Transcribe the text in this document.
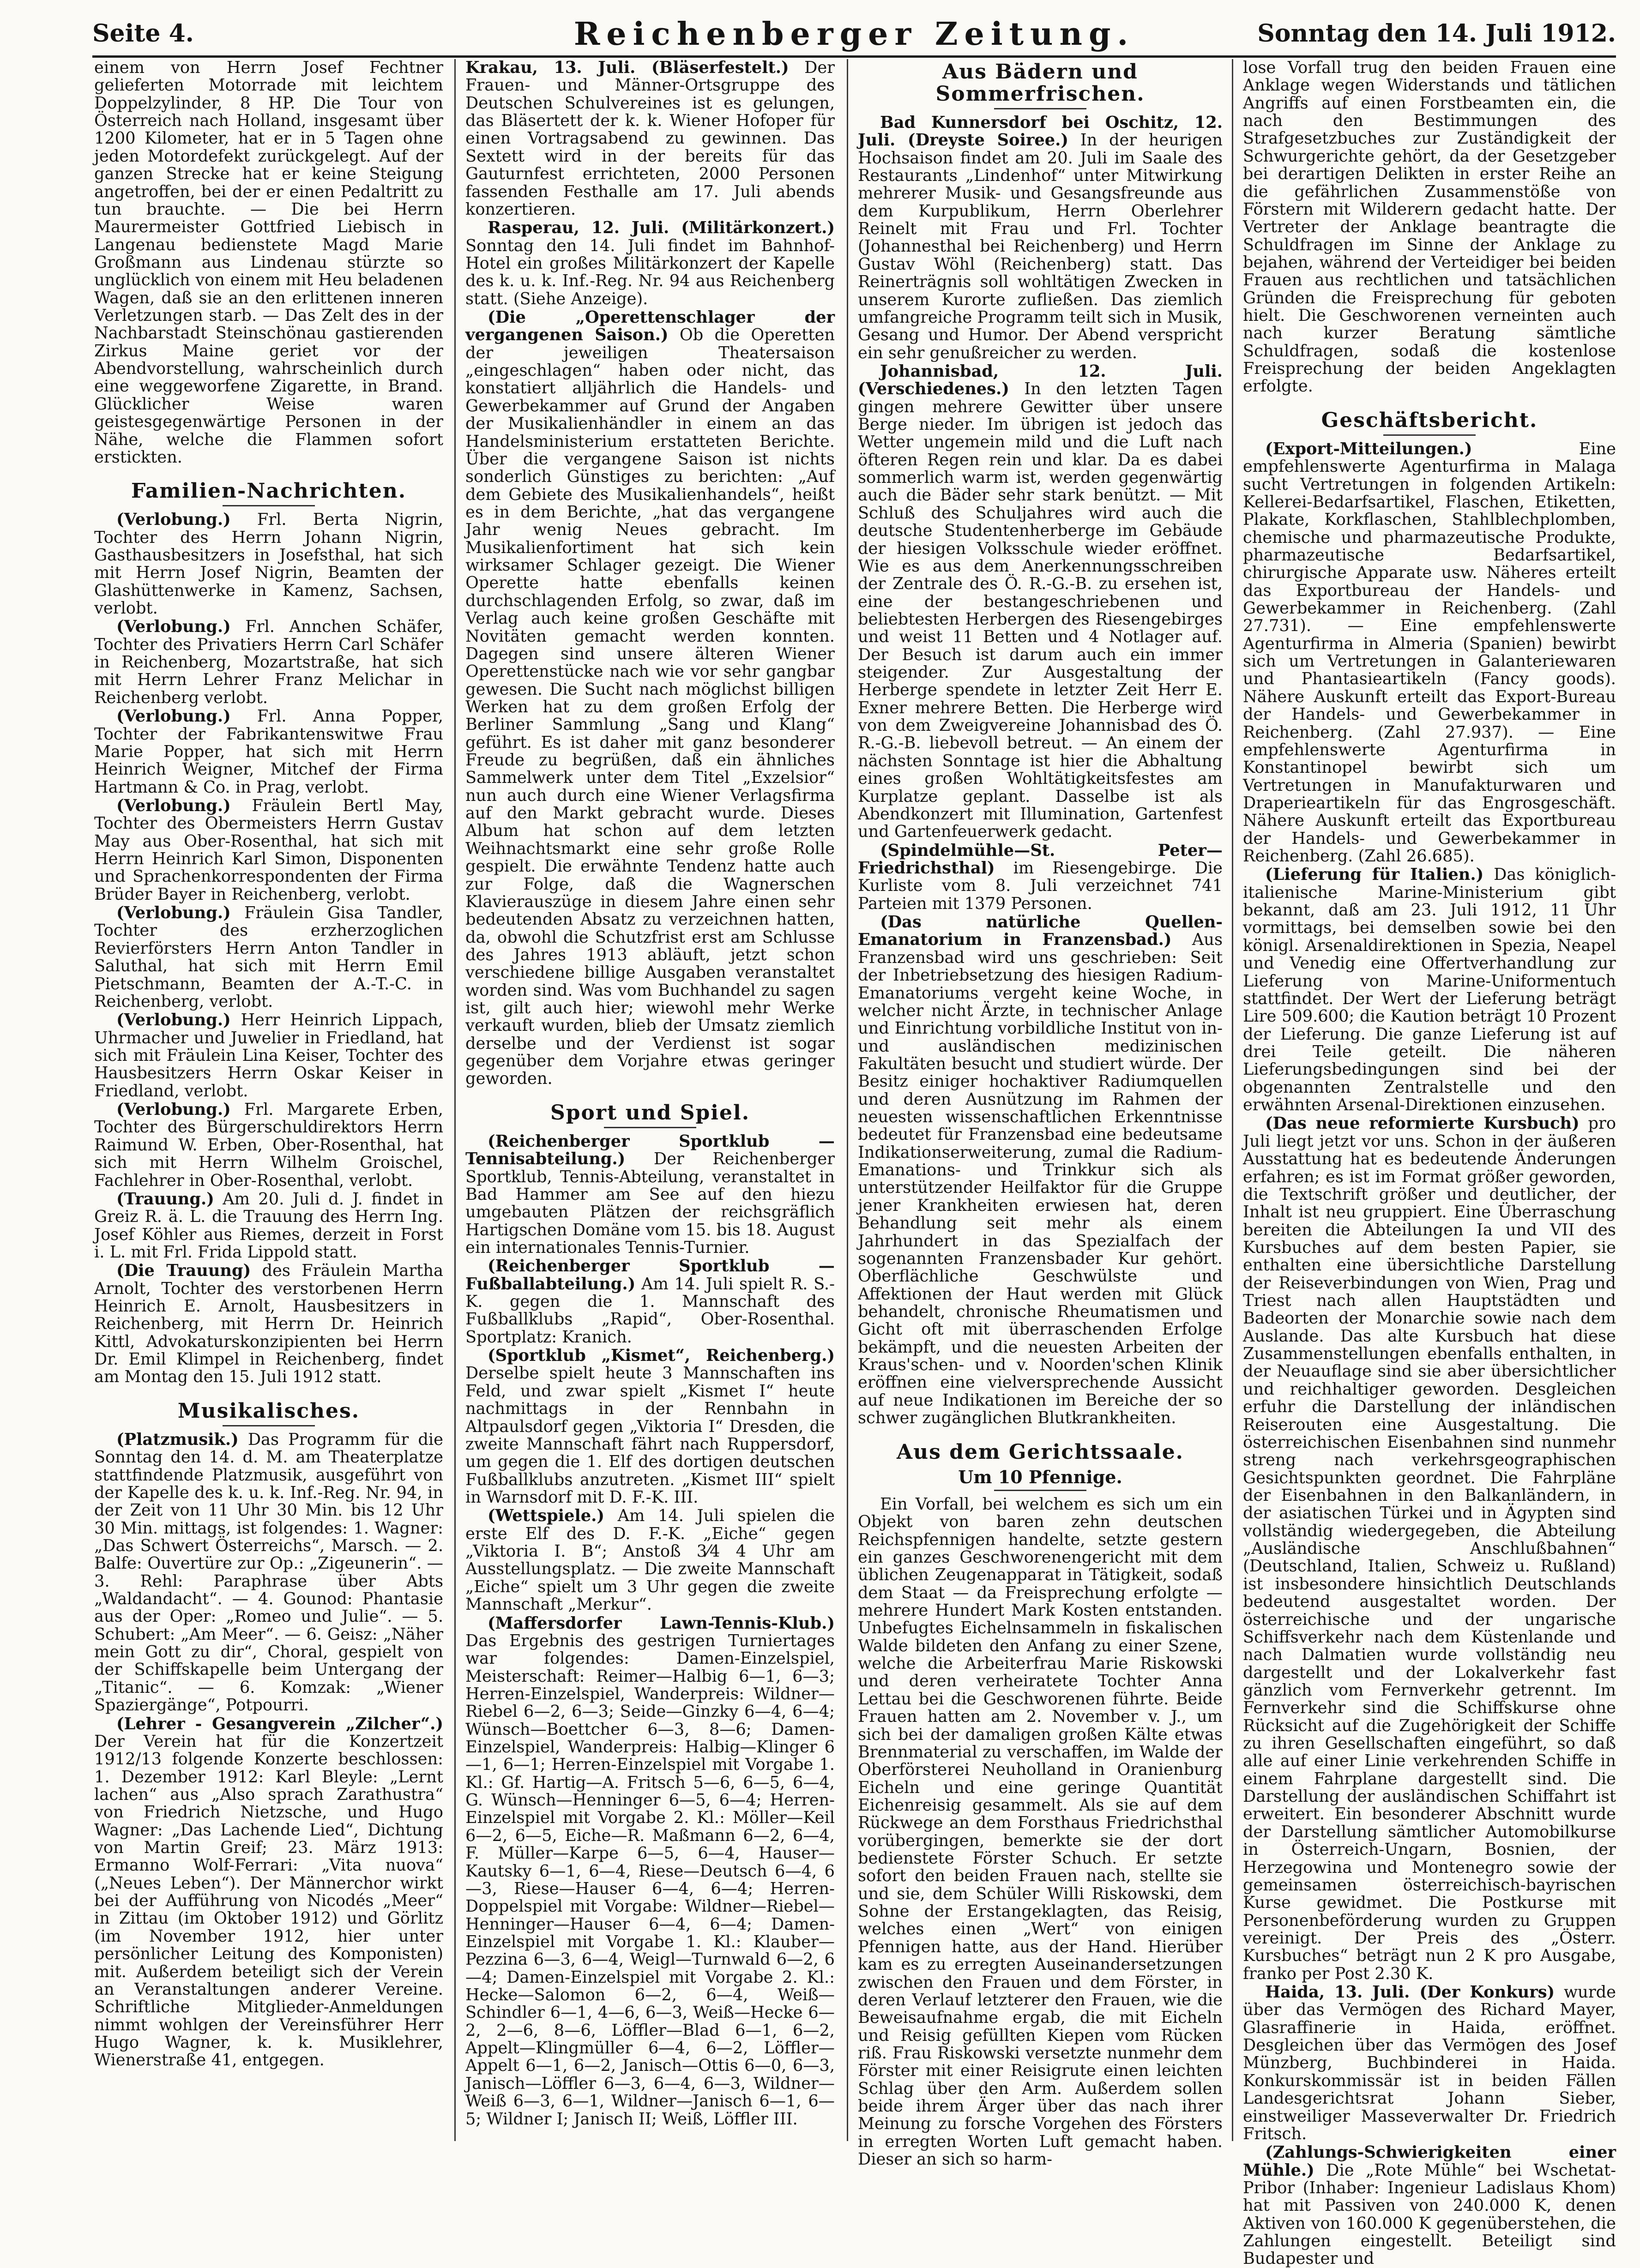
Seite 4.	Reichenberger Zeitung.	Sonntag den 14. Juli 1912.

einem von Herrn Josef Fechtner gelieferten Motorrade mit leichtem Doppelzylinder, 8 HP. Die Tour von Österreich nach Holland, insgesamt über 1200 Kilometer, hat er in 5 Tagen ohne jeden Motordefekt zurückgelegt. Auf der ganzen Strecke hat er keine Steigung angetroffen, bei der er einen Pedaltritt zu tun brauchte. — Die bei Herrn Maurermeister Gottfried Liebisch in Langenau bedienstete Magd Marie Großmann aus Lindenau stürzte so unglücklich von einem mit Heu beladenen Wagen, daß sie an den erlittenen inneren Verletzungen starb. — Das Zelt des in der Nachbarstadt Steinschönau gastierenden Zirkus Maine geriet vor der Abendvorstellung, wahrscheinlich durch eine weggeworfene Zigarette, in Brand. Glücklicher Weise waren geistesgegenwärtige Personen in der Nähe, welche die Flammen sofort erstickten.

Familien-Nachrichten.

(Verlobung.) Frl. Berta Nigrin, Tochter des Herrn Johann Nigrin, Gasthausbesitzers in Josefsthal, hat sich mit Herrn Josef Nigrin, Beamten der Glashüttenwerke in Kamenz, Sachsen, verlobt.

(Verlobung.) Frl. Annchen Schäfer, Tochter des Privatiers Herrn Carl Schäfer in Reichenberg, Mozartstraße, hat sich mit Herrn Lehrer Franz Melichar in Reichenberg verlobt.

(Verlobung.) Frl. Anna Popper, Tochter der Fabrikantenswitwe Frau Marie Popper, hat sich mit Herrn Heinrich Weigner, Mitchef der Firma Hartmann & Co. in Prag, verlobt.

(Verlobung.) Fräulein Bertl May, Tochter des Obermeisters Herrn Gustav May aus Ober-Rosenthal, hat sich mit Herrn Heinrich Karl Simon, Disponenten und Sprachenkorrespondenten der Firma Brüder Bayer in Reichenberg, verlobt.

(Verlobung.) Fräulein Gisa Tandler, Tochter des erzherzoglichen Revierförsters Herrn Anton Tandler in Saluthal, hat sich mit Herrn Emil Pietschmann, Beamten der A.-T.-C. in Reichenberg, verlobt.

(Verlobung.) Herr Heinrich Lippach, Uhrmacher und Juwelier in Friedland, hat sich mit Fräulein Lina Keiser, Tochter des Hausbesitzers Herrn Oskar Keiser in Friedland, verlobt.

(Verlobung.) Frl. Margarete Erben, Tochter des Bürgerschuldirektors Herrn Raimund W. Erben, Ober-Rosenthal, hat sich mit Herrn Wilhelm Groischel, Fachlehrer in Ober-Rosenthal, verlobt.

(Trauung.) Am 20. Juli d. J. findet in Greiz R. ä. L. die Trauung des Herrn Ing. Josef Köhler aus Riemes, derzeit in Forst i. L. mit Frl. Frida Lippold statt.

(Die Trauung) des Fräulein Martha Arnolt, Tochter des verstorbenen Herrn Heinrich E. Arnolt, Hausbesitzers in Reichenberg, mit Herrn Dr. Heinrich Kittl, Advokaturskonzipienten bei Herrn Dr. Emil Klimpel in Reichenberg, findet am Montag den 15. Juli 1912 statt.

Musikalisches.

(Platzmusik.) Das Programm für die Sonntag den 14. d. M. am Theaterplatze stattfindende Platzmusik, ausgeführt von der Kapelle des k. u. k. Inf.-Reg. Nr. 94, in der Zeit von 11 Uhr 30 Min. bis 12 Uhr 30 Min. mittags, ist folgendes: 1. Wagner: „Das Schwert Österreichs“, Marsch. — 2. Balfe: Ouvertüre zur Op.: „Zigeunerin“. — 3. Rehl: Paraphrase über Abts „Waldandacht“. — 4. Gounod: Phantasie aus der Oper: „Romeo und Julie“. — 5. Schubert: „Am Meer“. — 6. Geisz: „Näher mein Gott zu dir“, Choral, gespielt von der Schiffskapelle beim Untergang der „Titanic“. — 6. Komzak: „Wiener Spaziergänge“, Potpourri.

(Lehrer - Gesangverein „Zilcher“.) Der Verein hat für die Konzertzeit 1912/13 folgende Konzerte beschlossen: 1. Dezember 1912: Karl Bleyle: „Lernt lachen“ aus „Also sprach Zarathustra“ von Friedrich Nietzsche, und Hugo Wagner: „Das Lachende Lied“, Dichtung von Martin Greif; 23. März 1913: Ermanno Wolf-Ferrari: „Vita nuova“ („Neues Leben“). Der Männerchor wirkt bei der Aufführung von Nicodés „Meer“ in Zittau (im Oktober 1912) und Görlitz (im November 1912, hier unter persönlicher Leitung des Komponisten) mit. Außerdem beteiligt sich der Verein an Veranstaltungen anderer Vereine. Schriftliche Mitglieder-Anmeldungen nimmt wohlgen der Vereinsführer Herr Hugo Wagner, k. k. Musiklehrer, Wienerstraße 41, entgegen.

Krakau, 13. Juli. (Bläserfestelt.) Der Frauen- und Männer-Ortsgruppe des Deutschen Schulvereines ist es gelungen, das Bläsertett der k. k. Wiener Hofoper für einen Vortragsabend zu gewinnen. Das Sextett wird in der bereits für das Gauturnfest errichteten, 2000 Personen fassenden Festhalle am 17. Juli abends konzertieren.

Rasperau, 12. Juli. (Militärkonzert.) Sonntag den 14. Juli findet im Bahnhof-Hotel ein großes Militärkonzert der Kapelle des k. u. k. Inf.-Reg. Nr. 94 aus Reichenberg statt. (Siehe Anzeige).

(Die „Operettenschlager der vergangenen Saison.) Ob die Operetten der jeweiligen Theatersaison „eingeschlagen“ haben oder nicht, das konstatiert alljährlich die Handels- und Gewerbekammer auf Grund der Angaben der Musikalienhändler in einem an das Handelsministerium erstatteten Berichte. Über die vergangene Saison ist nichts sonderlich Günstiges zu berichten: „Auf dem Gebiete des Musikalienhandels“, heißt es in dem Berichte, „hat das vergangene Jahr wenig Neues gebracht. Im Musikalienfortiment hat sich kein wirksamer Schlager gezeigt. Die Wiener Operette hatte ebenfalls keinen durchschlagenden Erfolg, so zwar, daß im Verlag auch keine großen Geschäfte mit Novitäten gemacht werden konnten. Dagegen sind unsere älteren Wiener Operettenstücke nach wie vor sehr gangbar gewesen. Die Sucht nach möglichst billigen Werken hat zu dem großen Erfolg der Berliner Sammlung „Sang und Klang“ geführt. Es ist daher mit ganz besonderer Freude zu begrüßen, daß ein ähnliches Sammelwerk unter dem Titel „Exzelsior“ nun auch durch eine Wiener Verlagsfirma auf den Markt gebracht wurde. Dieses Album hat schon auf dem letzten Weihnachtsmarkt eine sehr große Rolle gespielt. Die erwähnte Tendenz hatte auch zur Folge, daß die Wagnerschen Klavierauszüge in diesem Jahre einen sehr bedeutenden Absatz zu verzeichnen hatten, da, obwohl die Schutzfrist erst am Schlusse des Jahres 1913 abläuft, jetzt schon verschiedene billige Ausgaben veranstaltet worden sind. Was vom Buchhandel zu sagen ist, gilt auch hier; wiewohl mehr Werke verkauft wurden, blieb der Umsatz ziemlich derselbe und der Verdienst ist sogar gegenüber dem Vorjahre etwas geringer geworden.

Sport und Spiel.

(Reichenberger Sportklub — Tennisabteilung.) Der Reichenberger Sportklub, Tennis-Abteilung, veranstaltet in Bad Hammer am See auf den hiezu umgebauten Plätzen der reichsgräflich Hartigschen Domäne vom 15. bis 18. August ein internationales Tennis-Turnier.

(Reichenberger Sportklub — Fußballabteilung.) Am 14. Juli spielt R. S.-K. gegen die 1. Mannschaft des Fußballklubs „Rapid“, Ober-Rosenthal. Sportplatz: Kranich.

(Sportklub „Kismet“, Reichenberg.) Derselbe spielt heute 3 Mannschaften ins Feld, und zwar spielt „Kismet I“ heute nachmittags in der Rennbahn in Altpaulsdorf gegen „Viktoria I“ Dresden, die zweite Mannschaft fährt nach Ruppersdorf, um gegen die 1. Elf des dortigen deutschen Fußballklubs anzutreten. „Kismet III“ spielt in Warnsdorf mit D. F.-K. III.

(Wettspiele.) Am 14. Juli spielen die erste Elf des D. F.-K. „Eiche“ gegen „Viktoria I. B“; Anstoß 3⁄4 4 Uhr am Ausstellungsplatz. — Die zweite Mannschaft „Eiche“ spielt um 3 Uhr gegen die zweite Mannschaft „Merkur“.

(Maffersdorfer Lawn-Tennis-Klub.) Das Ergebnis des gestrigen Turniertages war folgendes: Damen-Einzelspiel, Meisterschaft: Reimer—Halbig 6—1, 6—3; Herren-Einzelspiel, Wanderpreis: Wildner—Riebel 6—2, 6—3; Seide—Ginzky 6—4, 6—4; Wünsch—Boettcher 6—3, 8—6; Damen-Einzelspiel, Wanderpreis: Halbig—Klinger 6—1, 6—1; Herren-Einzelspiel mit Vorgabe 1. Kl.: Gf. Hartig—A. Fritsch 5—6, 6—5, 6—4, G. Wünsch—Henninger 6—5, 6—4; Herren-Einzelspiel mit Vorgabe 2. Kl.: Möller—Keil 6—2, 6—5, Eiche—R. Maßmann 6—2, 6—4, F. Müller—Karpe 6—5, 6—4, Hauser—Kautsky 6—1, 6—4, Riese—Deutsch 6—4, 6—3, Riese—Hauser 6—4, 6—4; Herren-Doppelspiel mit Vorgabe: Wildner—Riebel—Henninger—Hauser 6—4, 6—4; Damen-Einzelspiel mit Vorgabe 1. Kl.: Klauber—Pezzina 6—3, 6—4, Weigl—Turnwald 6—2, 6—4; Damen-Einzelspiel mit Vorgabe 2. Kl.: Hecke—Salomon 6—2, 6—4, Weiß—Schindler 6—1, 4—6, 6—3, Weiß—Hecke 6—2, 2—6, 8—6, Löffler—Blad 6—1, 6—2, Appelt—Klingmüller 6—4, 6—2, Löffler—Appelt 6—1, 6—2, Janisch—Ottis 6—0, 6—3, Janisch—Löffler 6—3, 6—4, 6—3, Wildner—Weiß 6—3, 6—1, Wildner—Janisch 6—1, 6—5; Wildner I; Janisch II; Weiß, Löffler III.

Aus Bädern und Sommerfrischen.

Bad Kunnersdorf bei Oschitz, 12. Juli. (Dreyste Soiree.) In der heurigen Hochsaison findet am 20. Juli im Saale des Restaurants „Lindenhof“ unter Mitwirkung mehrerer Musik- und Gesangsfreunde aus dem Kurpublikum, Herrn Oberlehrer Reinelt mit Frau und Frl. Tochter (Johannesthal bei Reichenberg) und Herrn Gustav Wöhl (Reichenberg) statt. Das Reinerträgnis soll wohltätigen Zwecken in unserem Kurorte zufließen. Das ziemlich umfangreiche Programm teilt sich in Musik, Gesang und Humor. Der Abend verspricht ein sehr genußreicher zu werden.

Johannisbad, 12. Juli. (Verschiedenes.) In den letzten Tagen gingen mehrere Gewitter über unsere Berge nieder. Im übrigen ist jedoch das Wetter ungemein mild und die Luft nach öfteren Regen rein und klar. Da es dabei sommerlich warm ist, werden gegenwärtig auch die Bäder sehr stark benützt. — Mit Schluß des Schuljahres wird auch die deutsche Studentenherberge im Gebäude der hiesigen Volksschule wieder eröffnet. Wie es aus dem Anerkennungsschreiben der Zentrale des Ö. R.-G.-B. zu ersehen ist, eine der bestangeschriebenen und beliebtesten Herbergen des Riesengebirges und weist 11 Betten und 4 Notlager auf. Der Besuch ist darum auch ein immer steigender. Zur Ausgestaltung der Herberge spendete in letzter Zeit Herr E. Exner mehrere Betten. Die Herberge wird von dem Zweigvereine Johannisbad des Ö. R.-G.-B. liebevoll betreut. — An einem der nächsten Sonntage ist hier die Abhaltung eines großen Wohltätigkeitsfestes am Kurplatze geplant. Dasselbe ist als Abendkonzert mit Illumination, Gartenfest und Gartenfeuerwerk gedacht.

(Spindelmühle—St. Peter—Friedrichsthal) im Riesengebirge. Die Kurliste vom 8. Juli verzeichnet 741 Parteien mit 1379 Personen.

(Das natürliche Quellen-Emanatorium in Franzensbad.) Aus Franzensbad wird uns geschrieben: Seit der Inbetriebsetzung des hiesigen Radium-Emanatoriums vergeht keine Woche, in welcher nicht Ärzte, in technischer Anlage und Einrichtung vorbildliche Institut von in- und ausländischen medizinischen Fakultäten besucht und studiert würde. Der Besitz einiger hochaktiver Radiumquellen und deren Ausnützung im Rahmen der neuesten wissenschaftlichen Erkenntnisse bedeutet für Franzensbad eine bedeutsame Indikationserweiterung, zumal die Radium-Emanations- und Trinkkur sich als unterstützender Heilfaktor für die Gruppe jener Krankheiten erwiesen hat, deren Behandlung seit mehr als einem Jahrhundert in das Spezialfach der sogenannten Franzensbader Kur gehört. Oberflächliche Geschwülste und Affektionen der Haut werden mit Glück behandelt, chronische Rheumatismen und Gicht oft mit überraschenden Erfolge bekämpft, und die neuesten Arbeiten der Kraus'schen- und v. Noorden'schen Klinik eröffnen eine vielversprechende Aussicht auf neue Indikationen im Bereiche der so schwer zugänglichen Blutkrankheiten.

Aus dem Gerichtssaale.
Um 10 Pfennige.

Ein Vorfall, bei welchem es sich um ein Objekt von baren zehn deutschen Reichspfennigen handelte, setzte gestern ein ganzes Geschworenengericht mit dem üblichen Zeugenapparat in Tätigkeit, sodaß dem Staat — da Freisprechung erfolgte — mehrere Hundert Mark Kosten entstanden. Unbefugtes Eichelnsammeln in fiskalischen Walde bildeten den Anfang zu einer Szene, welche die Arbeiterfrau Marie Riskowski und deren verheiratete Tochter Anna Lettau bei die Geschworenen führte. Beide Frauen hatten am 2. November v. J., um sich bei der damaligen großen Kälte etwas Brennmaterial zu verschaffen, im Walde der Oberförsterei Neuholland in Oranienburg Eicheln und eine geringe Quantität Eichenreisig gesammelt. Als sie auf dem Rückwege an dem Forsthaus Friedrichsthal vorübergingen, bemerkte sie der dort bedienstete Förster Schuch. Er setzte sofort den beiden Frauen nach, stellte sie und sie, dem Schüler Willi Riskowski, dem Sohne der Erstangeklagten, das Reisig, welches einen „Wert“ von einigen Pfennigen hatte, aus der Hand. Hierüber kam es zu erregten Auseinandersetzungen zwischen den Frauen und dem Förster, in deren Verlauf letzterer den Frauen, wie die Beweisaufnahme ergab, die mit Eicheln und Reisig gefüllten Kiepen vom Rücken riß. Frau Riskowski versetzte nunmehr dem Förster mit einer Reisigrute einen leichten Schlag über den Arm. Außerdem sollen beide ihrem Ärger über das nach ihrer Meinung zu forsche Vorgehen des Försters in erregten Worten Luft gemacht haben. Dieser an sich so harm-

lose Vorfall trug den beiden Frauen eine Anklage wegen Widerstands und tätlichen Angriffs auf einen Forstbeamten ein, die nach den Bestimmungen des Strafgesetzbuches zur Zuständigkeit der Schwurgerichte gehört, da der Gesetzgeber bei derartigen Delikten in erster Reihe an die gefährlichen Zusammenstöße von Förstern mit Wilderern gedacht hatte. Der Vertreter der Anklage beantragte die Schuldfragen im Sinne der Anklage zu bejahen, während der Verteidiger bei beiden Frauen aus rechtlichen und tatsächlichen Gründen die Freisprechung für geboten hielt. Die Geschworenen verneinten auch nach kurzer Beratung sämtliche Schuldfragen, sodaß die kostenlose Freisprechung der beiden Angeklagten erfolgte.

Geschäftsbericht.

(Export-Mitteilungen.)	Eine empfehlenswerte Agenturfirma in Malaga sucht Vertretungen in folgenden Artikeln: Kellerei-Bedarfsartikel, Flaschen, Etiketten, Plakate, Korkflaschen, Stahlblechplomben, chemische und pharmazeutische Produkte, pharmazeutische Bedarfsartikel, chirurgische Apparate usw. Näheres erteilt das Exportbureau der Handels- und Gewerbekammer in Reichenberg. (Zahl 27.731). — Eine empfehlenswerte Agenturfirma in Almeria (Spanien) bewirbt sich um Vertretungen in Galanteriewaren und Phantasieartikeln (Fancy goods). Nähere Auskunft erteilt das Export-Bureau der Handels- und Gewerbekammer in Reichenberg. (Zahl 27.937). — Eine empfehlenswerte Agenturfirma in Konstantinopel bewirbt sich um Vertretungen in Manufakturwaren und Draperieartikeln für das Engrosgeschäft. Nähere Auskunft erteilt das Exportbureau der Handels- und Gewerbekammer in Reichenberg. (Zahl 26.685).

(Lieferung für Italien.) Das königlich-italienische Marine-Ministerium gibt bekannt, daß am 23. Juli 1912, 11 Uhr vormittags, bei demselben sowie bei den königl. Arsenaldirektionen in Spezia, Neapel und Venedig eine Offertverhandlung zur Lieferung von Marine-Uniformentuch stattfindet. Der Wert der Lieferung beträgt Lire 509.600; die Kaution beträgt 10 Prozent der Lieferung. Die ganze Lieferung ist auf drei Teile geteilt. Die näheren Lieferungsbedingungen sind bei der obgenannten Zentralstelle und den erwähnten Arsenal-Direktionen einzusehen.

(Das neue reformierte Kursbuch) pro Juli liegt jetzt vor uns. Schon in der äußeren Ausstattung hat es bedeutende Änderungen erfahren; es ist im Format größer geworden, die Textschrift größer und deutlicher, der Inhalt ist neu gruppiert. Eine Überraschung bereiten die Abteilungen Ia und VII des Kursbuches auf dem besten Papier, sie enthalten eine übersichtliche Darstellung der Reiseverbindungen von Wien, Prag und Triest nach allen Hauptstädten und Badeorten der Monarchie sowie nach dem Auslande. Das alte Kursbuch hat diese Zusammenstellungen ebenfalls enthalten, in der Neuauflage sind sie aber übersichtlicher und reichhaltiger geworden. Desgleichen erfuhr die Darstellung der inländischen Reiserouten eine Ausgestaltung. Die österreichischen Eisenbahnen sind nunmehr streng nach verkehrsgeographischen Gesichtspunkten geordnet. Die Fahrpläne der Eisenbahnen in den Balkanländern, in der asiatischen Türkei und in Ägypten sind vollständig wiedergegeben, die Abteilung „Ausländische Anschlußbahnen“ (Deutschland, Italien, Schweiz u. Rußland) ist insbesondere hinsichtlich Deutschlands bedeutend ausgestaltet worden. Der österreichische und der ungarische Schiffsverkehr nach dem Küstenlande und nach Dalmatien wurde vollständig neu dargestellt und der Lokalverkehr fast gänzlich vom Fernverkehr getrennt. Im Fernverkehr sind die Schiffskurse ohne Rücksicht auf die Zugehörigkeit der Schiffe zu ihren Gesellschaften eingeführt, so daß alle auf einer Linie verkehrenden Schiffe in einem Fahrplane dargestellt sind. Die Darstellung der ausländischen Schiffahrt ist erweitert. Ein besonderer Abschnitt wurde der Darstellung sämtlicher Automobilkurse in Österreich-Ungarn, Bosnien, der Herzegowina und Montenegro sowie der gemeinsamen österreichisch-bayrischen Kurse gewidmet. Die Postkurse mit Personenbeförderung wurden zu Gruppen vereinigt. Der Preis des „Österr. Kursbuches“ beträgt nun 2 K pro Ausgabe, franko per Post 2.30 K.

Haida, 13. Juli. (Der Konkurs) wurde über das Vermögen des Richard Mayer, Glasraffinerie in Haida, eröffnet. Desgleichen über das Vermögen des Josef Münzberg, Buchbinderei in Haida. Konkurskommissär ist in beiden Fällen Landesgerichtsrat Johann Sieber, einstweiliger Masseverwalter Dr. Friedrich Fritsch.

(Zahlungs-Schwierigkeiten einer Mühle.) Die „Rote Mühle“ bei Wschetat-Pribor (Inhaber: Ingenieur Ladislaus Khom) hat mit Passiven von 240.000 K, denen Aktiven von 160.000 K gegenüberstehen, die Zahlungen eingestellt. Beteiligt sind Budapester und
